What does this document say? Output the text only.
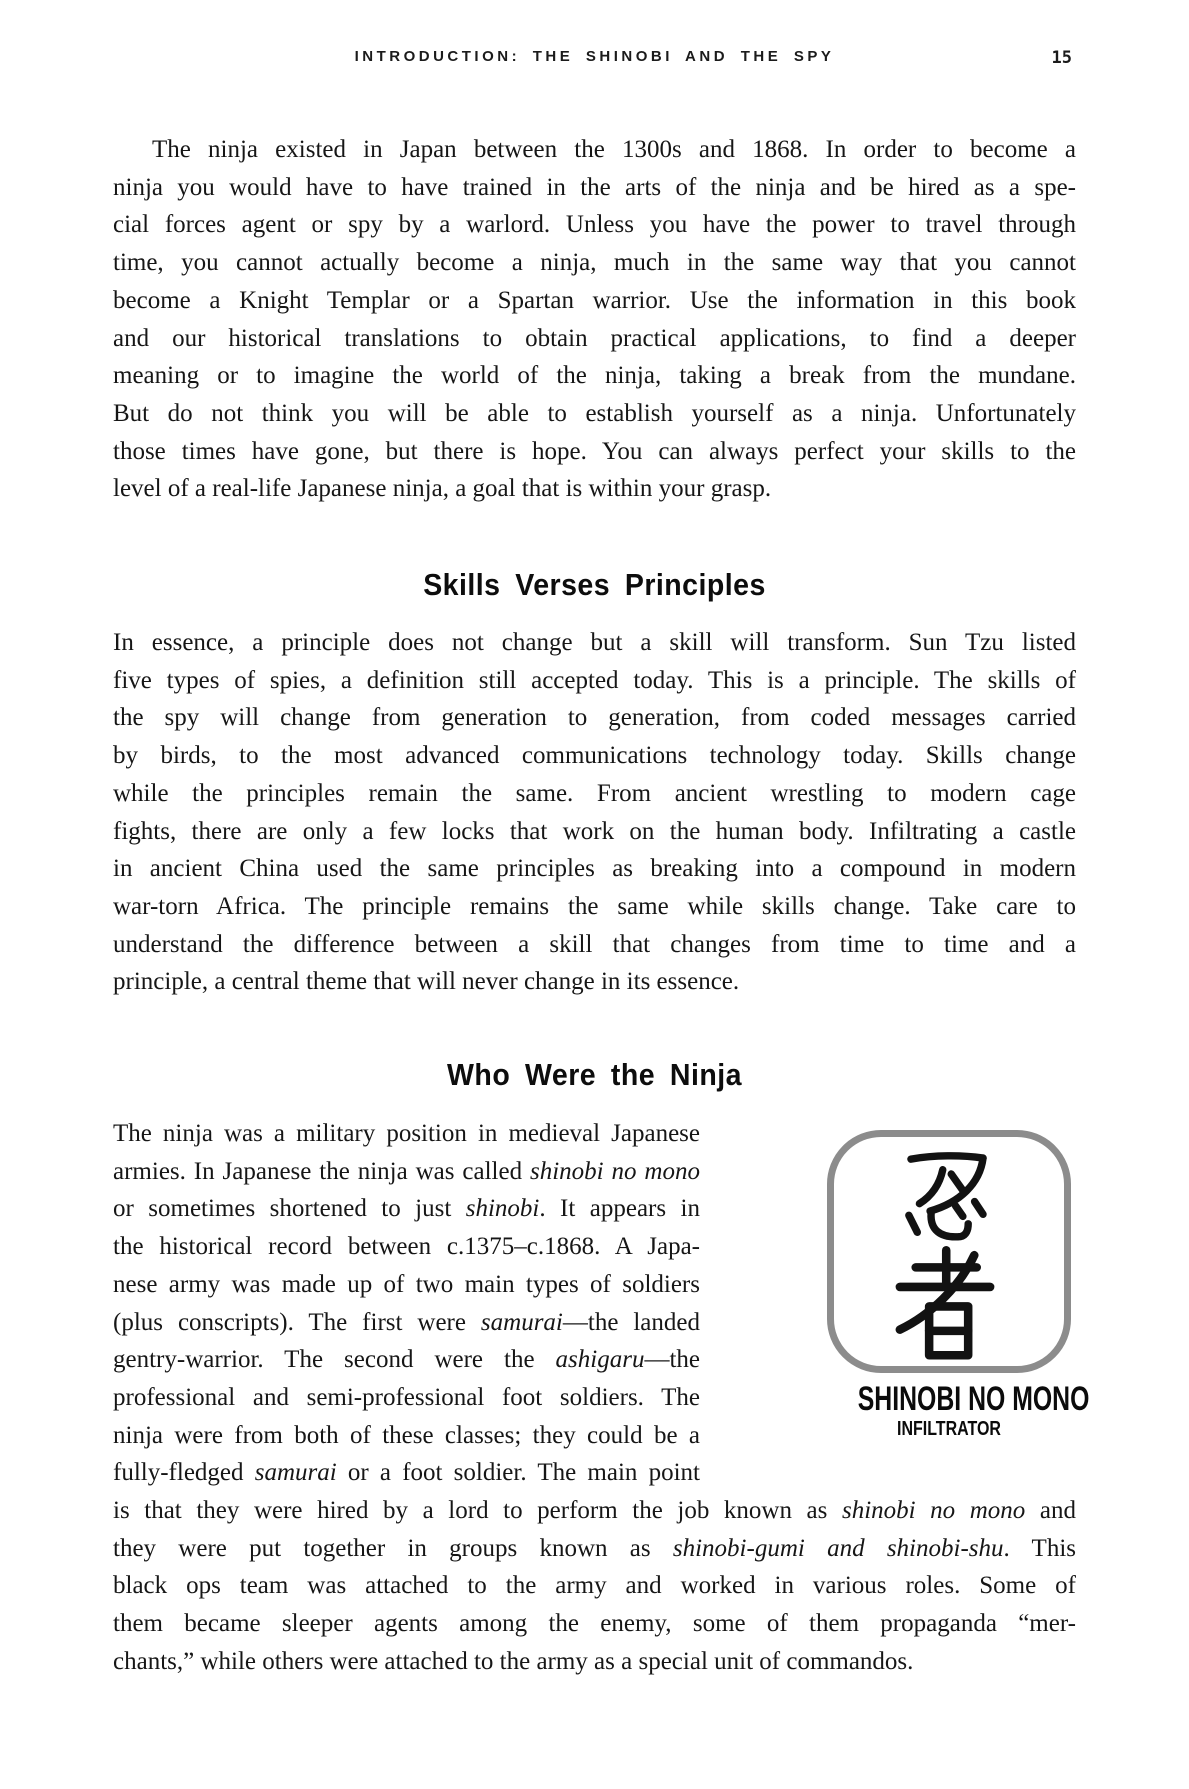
INTRODUCTION: THE SHINOBI AND THE SPY	15
The ninja existed in Japan between the 1300s and 1868. In order to become a
ninja you would have to have trained in the arts of the ninja and be hired as a spe-
cial forces agent or spy by a warlord. Unless you have the power to travel through
time, you cannot actually become a ninja, much in the same way that you cannot
become a Knight Templar or a Spartan warrior. Use the information in this book
and our historical translations to obtain practical applications, to find a deeper
meaning or to imagine the world of the ninja, taking a break from the mundane.
But do not think you will be able to establish yourself as a ninja. Unfortunately
those times have gone, but there is hope. You can always perfect your skills to the
level of a real-life Japanese ninja, a goal that is within your grasp.
Skills Verses Principles
In essence, a principle does not change but a skill will transform. Sun Tzu listed
five types of spies, a definition still accepted today. This is a principle. The skills of
the spy will change from generation to generation, from coded messages carried
by birds, to the most advanced communications technology today. Skills change
while the principles remain the same. From ancient wrestling to modern cage
fights, there are only a few locks that work on the human body. Infiltrating a castle
in ancient China used the same principles as breaking into a compound in modern
war-torn Africa. The principle remains the same while skills change. Take care to
understand the difference between a skill that changes from time to time and a
principle, a central theme that will never change in its essence.
Who Were the Ninja
SHINOBI NO MONO
INFILTRATOR
The ninja was a military position in medieval Japanese
armies. In Japanese the ninja was called shinobi no mono
or sometimes shortened to just shinobi. It appears in
the historical record between c.1375–c.1868. A Japa-
nese army was made up of two main types of soldiers
(plus conscripts). The first were samurai—the landed
gentry-warrior. The second were the ashigaru—the
professional and semi-professional foot soldiers. The
ninja were from both of these classes; they could be a
fully-fledged samurai or a foot soldier. The main point
is that they were hired by a lord to perform the job known as shinobi no mono and
they were put together in groups known as shinobi-gumi and shinobi-shu. This
black ops team was attached to the army and worked in various roles. Some of
them became sleeper agents among the enemy, some of them propaganda “mer-
chants,” while others were attached to the army as a special unit of commandos.
